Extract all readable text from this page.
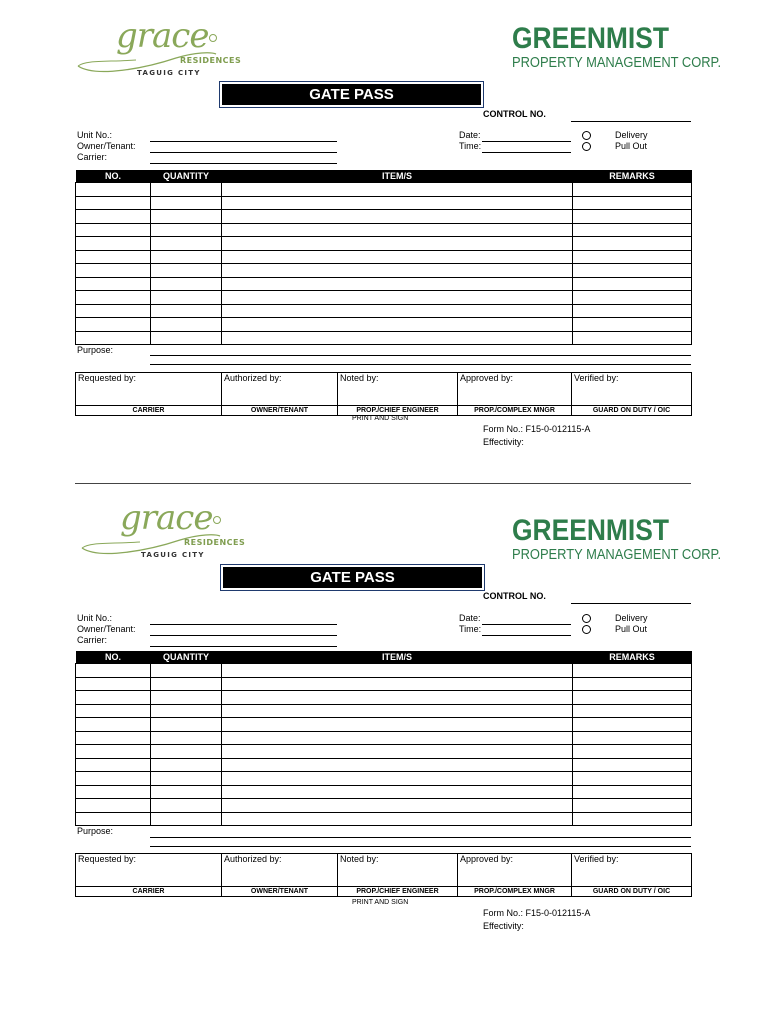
grace
RESIDENCES
TAGUIG CITY
GREENMIST
PROPERTY MANAGEMENT CORP.
GATE PASS
CONTROL NO.
Unit No.:
Owner/Tenant:
Carrier:
Date:
Time:
Delivery
Pull Out
NO.	QUANTITY	ITEM/S	REMARKS

Purpose:
Requested by:	Authorized by:	Noted by:	Approved by:	Verified by:
CARRIER	OWNER/TENANT	PROP./CHIEF ENGINEER	PROP./COMPLEX MNGR	GUARD ON DUTY / OIC
PRINT AND SIGN
Form No.: F15-0-012115-A
Effectivity:
grace
RESIDENCES
TAGUIG CITY
GREENMIST
PROPERTY MANAGEMENT CORP.
GATE PASS
CONTROL NO.
Unit No.:
Owner/Tenant:
Carrier:
Date:
Time:
Delivery
Pull Out
NO.	QUANTITY	ITEM/S	REMARKS

Purpose:
Requested by:	Authorized by:	Noted by:	Approved by:	Verified by:
CARRIER	OWNER/TENANT	PROP./CHIEF ENGINEER	PROP./COMPLEX MNGR	GUARD ON DUTY / OIC
PRINT AND SIGN
Form No.: F15-0-012115-A
Effectivity:
